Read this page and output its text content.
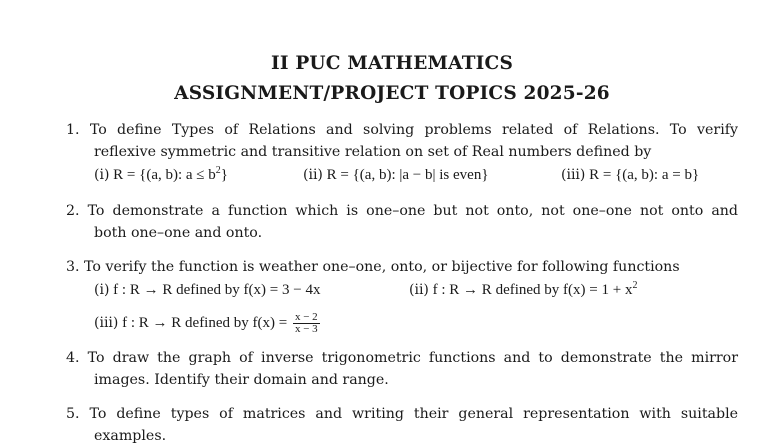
II PUC MATHEMATICS
ASSIGNMENT/PROJECT TOPICS 2025-26
1. To define Types of Relations and solving problems related of Relations. To verify
reflexive symmetric and transitive relation on set of Real numbers defined by
(i) R = {(a, b): $a \le b^2$}	(ii) R = {(a, b): |a − b| is even}	(iii) R = {(a, b): a = b}
2. To demonstrate a function which is one–one but not onto, not one–one not onto and
both one–one and onto.
3. To verify the function is weather one–one, onto, or bijective for following functions
(i) f : R → R defined by f(x) = 3 − 4x	(ii) f : R → R defined by $f(x) = 1 + x^2$
(iii) f : R → R defined by $f(x) = \frac{x - 2}{x - 3}$
4. To draw the graph of inverse trigonometric functions and to demonstrate the mirror
images. Identify their domain and range.
5. To define types of matrices and writing their general representation with suitable
examples.
